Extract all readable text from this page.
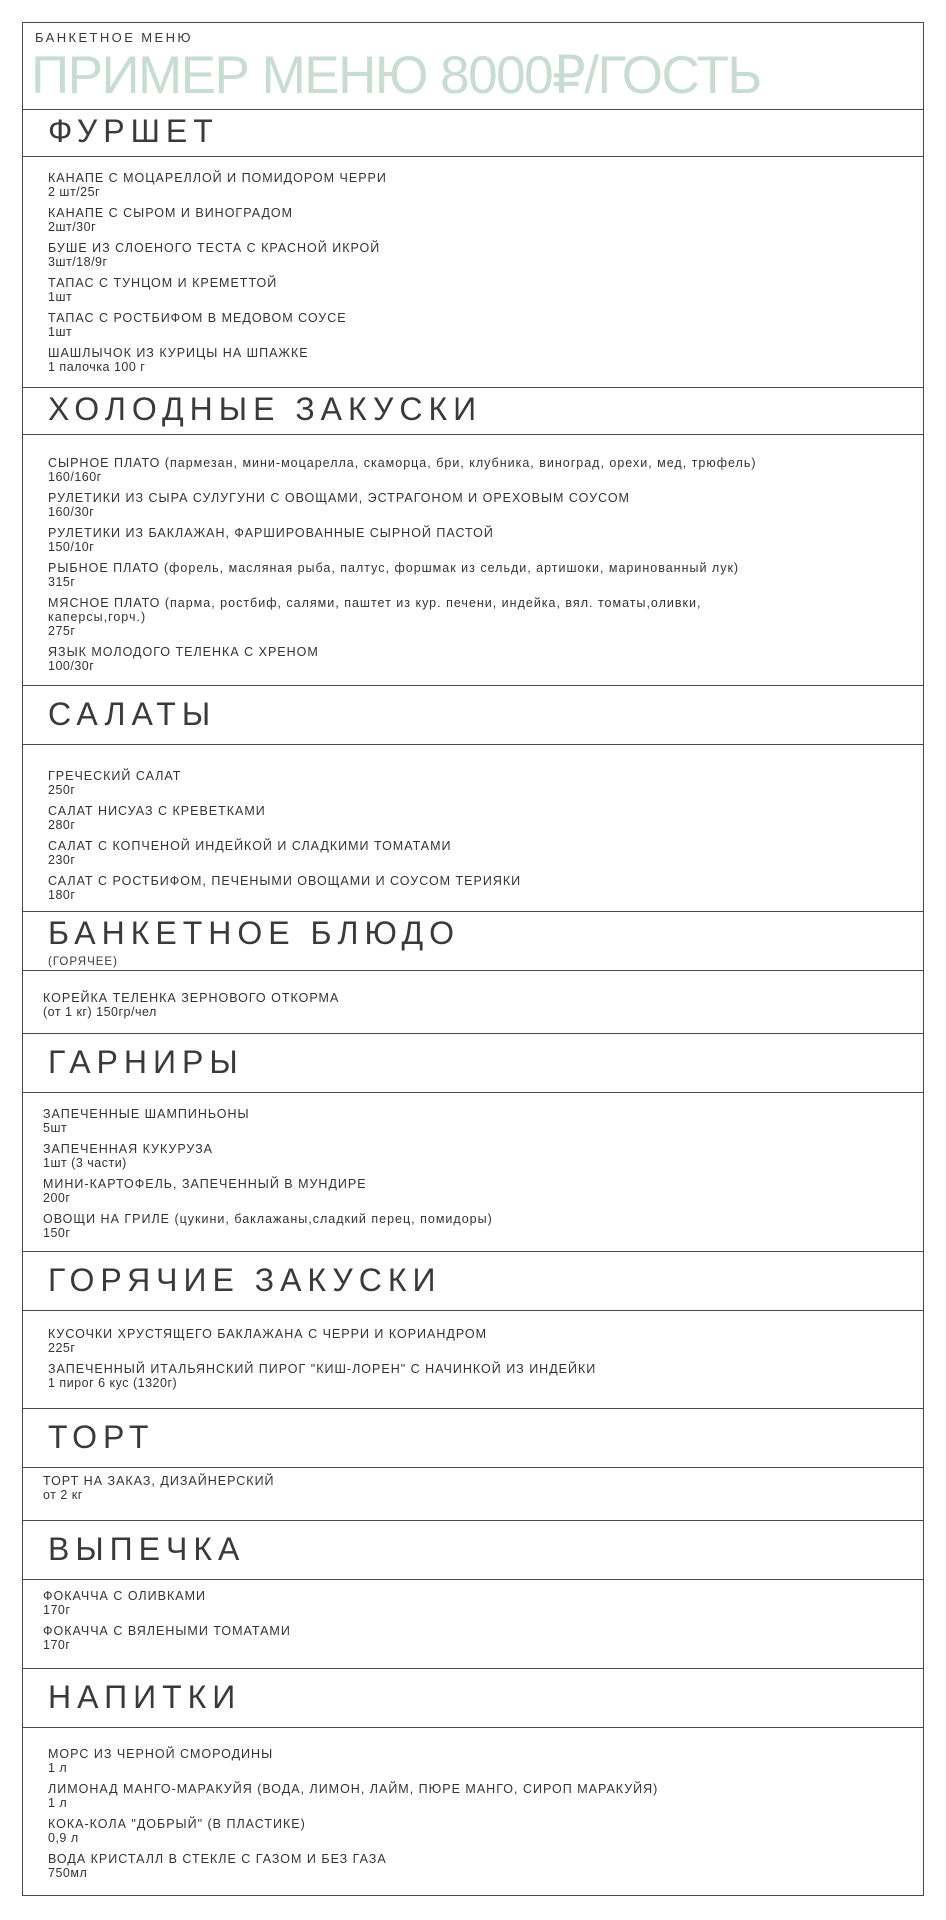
БАНКЕТНОЕ МЕНЮ
ПРИМЕР МЕНЮ 8000₽/ГОСТЬ
ФУРШЕТ
КАНАПЕ С МОЦАРЕЛЛОЙ И ПОМИДОРОМ ЧЕРРИ
2 шт/25г
КАНАПЕ С СЫРОМ И ВИНОГРАДОМ
2шт/30г
БУШЕ ИЗ СЛОЕНОГО ТЕСТА С КРАСНОЙ ИКРОЙ
3шт/18/9г
ТАПАС С ТУНЦОМ И КРЕМЕТТОЙ
1шт
ТАПАС С РОСТБИФОМ В МЕДОВОМ СОУСЕ
1шт
ШАШЛЫЧОК ИЗ КУРИЦЫ НА ШПАЖКЕ
1 палочка 100 г
ХОЛОДНЫЕ ЗАКУСКИ
СЫРНОЕ ПЛАТО (пармезан, мини-моцарелла, скаморца, бри, клубника, виноград, орехи, мед, трюфель)
160/160г
РУЛЕТИКИ ИЗ СЫРА СУЛУГУНИ С ОВОЩАМИ, ЭСТРАГОНОМ И ОРЕХОВЫМ СОУСОМ
160/30г
РУЛЕТИКИ ИЗ БАКЛАЖАН, ФАРШИРОВАННЫЕ СЫРНОЙ ПАСТОЙ
150/10г
РЫБНОЕ ПЛАТО (форель, масляная рыба, палтус, форшмак из сельди, артишоки, маринованный лук)
315г
МЯСНОЕ ПЛАТО (парма, ростбиф, салями, паштет из кур. печени, индейка, вял. томаты,оливки,
каперсы,горч.)
275г
ЯЗЫК МОЛОДОГО ТЕЛЕНКА С ХРЕНОМ
100/30г
САЛАТЫ
ГРЕЧЕСКИЙ САЛАТ
250г
САЛАТ НИСУАЗ С КРЕВЕТКАМИ
280г
САЛАТ С КОПЧЕНОЙ ИНДЕЙКОЙ И СЛАДКИМИ ТОМАТАМИ
230г
САЛАТ С РОСТБИФОМ, ПЕЧЕНЫМИ ОВОЩАМИ И СОУСОМ ТЕРИЯКИ
180г
БАНКЕТНОЕ БЛЮДО
(ГОРЯЧЕЕ)
КОРЕЙКА ТЕЛЕНКА ЗЕРНОВОГО ОТКОРМА
(от 1 кг) 150гр/чел
ГАРНИРЫ
ЗАПЕЧЕННЫЕ ШАМПИНЬОНЫ
5шт
ЗАПЕЧЕННАЯ КУКУРУЗА
1шт (3 части)
МИНИ-КАРТОФЕЛЬ, ЗАПЕЧЕННЫЙ В МУНДИРЕ
200г
ОВОЩИ НА ГРИЛЕ (цукини, баклажаны,сладкий перец, помидоры)
150г
ГОРЯЧИЕ ЗАКУСКИ
КУСОЧКИ ХРУСТЯЩЕГО БАКЛАЖАНА С ЧЕРРИ И КОРИАНДРОМ
225г
ЗАПЕЧЕННЫЙ ИТАЛЬЯНСКИЙ ПИРОГ "КИШ-ЛОРЕН" С НАЧИНКОЙ ИЗ ИНДЕЙКИ
1 пирог 6 кус (1320г)
ТОРТ
ТОРТ НА ЗАКАЗ, ДИЗАЙНЕРСКИЙ
от 2 кг
ВЫПЕЧКА
ФОКАЧЧА С ОЛИВКАМИ
170г
ФОКАЧЧА С ВЯЛЕНЫМИ ТОМАТАМИ
170г
НАПИТКИ
МОРС ИЗ ЧЕРНОЙ СМОРОДИНЫ
1 л
ЛИМОНАД МАНГО-МАРАКУЙЯ (ВОДА, ЛИМОН, ЛАЙМ, ПЮРЕ МАНГО, СИРОП МАРАКУЙЯ)
1 л
КОКА-КОЛА "ДОБРЫЙ" (В ПЛАСТИКЕ)
0,9 л
ВОДА КРИСТАЛЛ В СТЕКЛЕ С ГАЗОМ И БЕЗ ГАЗА
750мл
